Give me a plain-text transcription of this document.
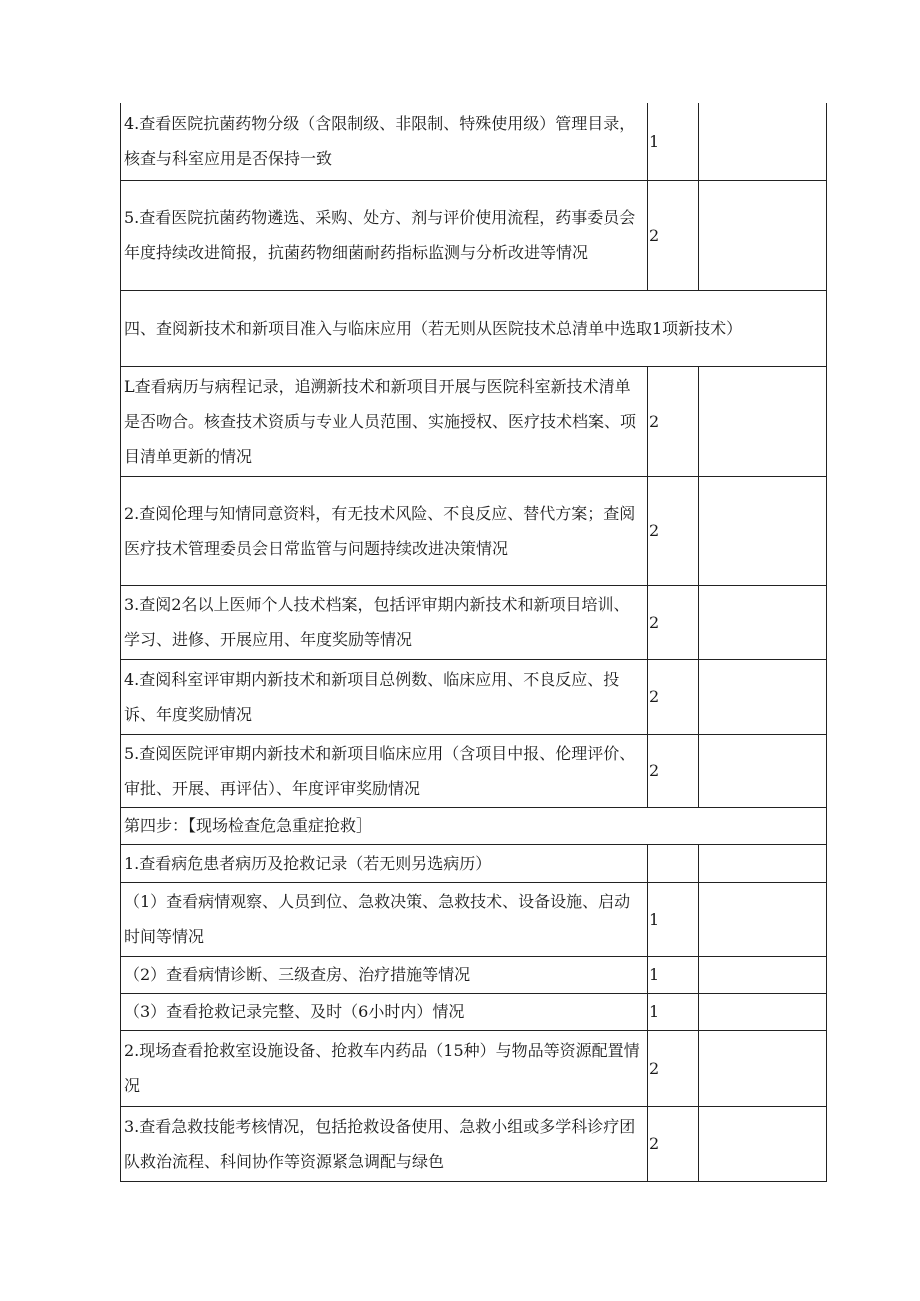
4.查看医院抗菌药物分级（含限制级、非限制、特殊使用级）管理目录，核查与科室应用是否保持一致	1	
5.查看医院抗菌药物遴选、采购、处方、剂与评价使用流程，药事委员会年度持续改进简报，抗菌药物细菌耐药指标监测与分析改进等情况	2	
四、查阅新技术和新项目准入与临床应用（若无则从医院技术总清单中选取1项新技术）		
L查看病历与病程记录，追溯新技术和新项目开展与医院科室新技术清单是否吻合。核查技术资质与专业人员范围、实施授权、医疗技术档案、项目清单更新的情况	2	
2.查阅伦理与知情同意资料，有无技术风险、不良反应、替代方案；查阅医疗技术管理委员会日常监管与问题持续改进决策情况	2	
3.查阅2名以上医师个人技术档案，包括评审期内新技术和新项目培训、学习、进修、开展应用、年度奖励等情况	2	
4.查阅科室评审期内新技术和新项目总例数、临床应用、不良反应、投诉、年度奖励情况	2	
5.查阅医院评审期内新技术和新项目临床应用（含项目中报、伦理评价、审批、开展、再评估）、年度评审奖励情况	2	
第四步：【现场检查危急重症抢救］		
1.查看病危患者病历及抢救记录（若无则另选病历）		
（1）查看病情观察、人员到位、急救决策、急救技术、设备设施、启动时间等情况	1	
（2）查看病情诊断、三级查房、治疗措施等情况	1	
（3）查看抢救记录完整、及时（6小时内）情况	1	
2.现场查看抢救室设施设备、抢救车内药品（15种）与物品等资源配置情况	2	
3.查看急救技能考核情况，包括抢救设备使用、急救小组或多学科诊疗团队救治流程、科间协作等资源紧急调配与绿色	2	
